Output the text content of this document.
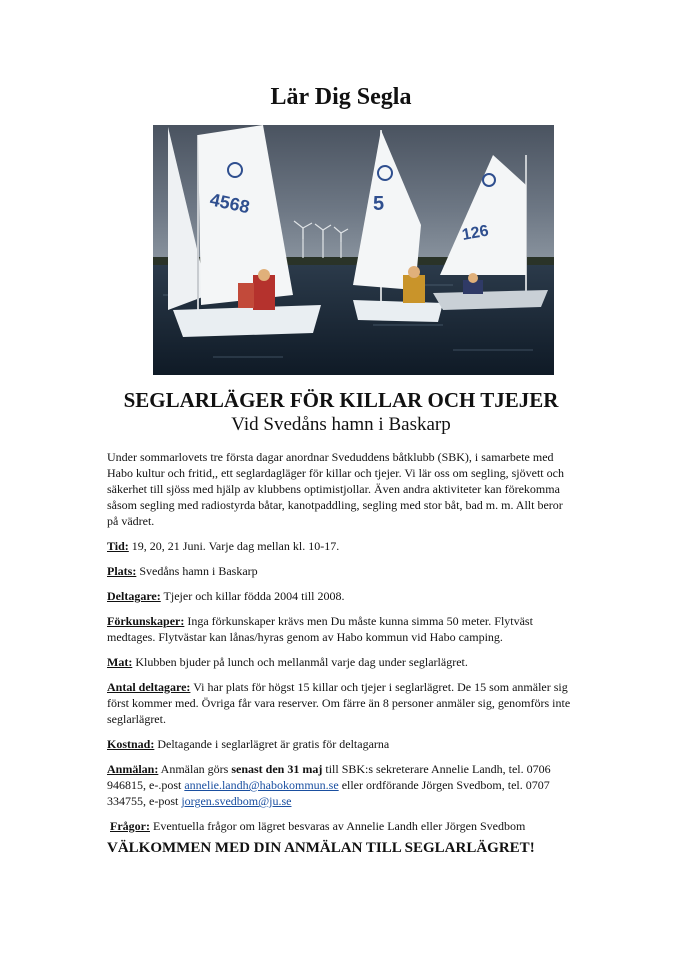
Lär Dig Segla
4568	5
126
SEGLARLÄGER FÖR KILLAR OCH TJEJER
Vid Svedåns hamn i Baskarp

Under sommarlovets tre första dagar anordnar Sveduddens båtklubb (SBK), i samarbete med Habo kultur och fritid,, ett seglardagläger för killar och tjejer. Vi lär oss om segling, sjövett och säkerhet till sjöss med hjälp av klubbens optimistjollar. Även andra aktiviteter kan förekomma såsom segling med radiostyrda båtar, kanotpaddling, segling med stor båt, bad m. m. Allt beror på vädret.

Tid: 19, 20, 21 Juni. Varje dag mellan kl. 10-17.

Plats: Svedåns hamn i Baskarp

Deltagare: Tjejer och killar födda 2004 till 2008.

Förkunskaper: Inga förkunskaper krävs men Du måste kunna simma 50 meter. Flytväst medtages. Flytvästar kan lånas/hyras genom av Habo kommun vid Habo camping.

Mat: Klubben bjuder på lunch och mellanmål varje dag under seglarlägret.

Antal deltagare: Vi har plats för högst 15 killar och tjejer i seglarlägret. De 15 som anmäler sig först kommer med. Övriga får vara reserver. Om färre än 8 personer anmäler sig, genomförs inte seglarlägret.

Kostnad: Deltagande i seglarlägret är gratis för deltagarna

Anmälan: Anmälan görs senast den 31 maj till SBK:s sekreterare Annelie Landh, tel. 0706 946815, e-.post annelie.landh@habokommun.se eller ordförande Jörgen Svedbom, tel. 0707 334755, e-post jorgen.svedbom@ju.se

Frågor: Eventuella frågor om lägret besvaras av Annelie Landh eller Jörgen Svedbom

VÄLKOMMEN MED DIN ANMÄLAN TILL SEGLARLÄGRET!
